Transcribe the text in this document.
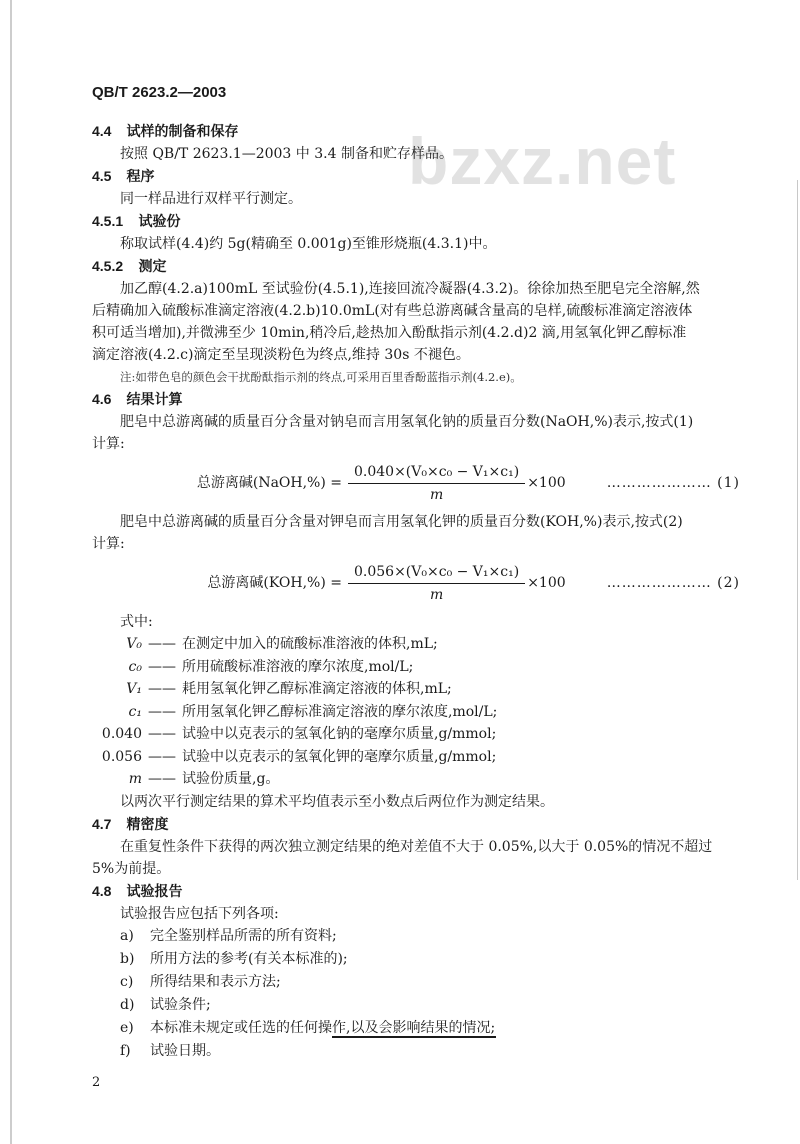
QB/T 2623.2—2003
bzxz.net
4.4 试样的制备和保存

按照 QB/T 2623.1—2003 中 3.4 制备和贮存样品。

4.5 程序

同一样品进行双样平行测定。

4.5.1 试验份

称取试样(4.4)约 5g(精确至 0.001g)至锥形烧瓶(4.3.1)中。

4.5.2 测定

加乙醇(4.2.a)100mL 至试验份(4.5.1),连接回流冷凝器(4.3.2)。徐徐加热至肥皂完全溶解,然

后精确加入硫酸标准滴定溶液(4.2.b)10.0mL(对有些总游离碱含量高的皂样,硫酸标准滴定溶液体

积可适当增加),并微沸至少 10min,稍冷后,趁热加入酚酞指示剂(4.2.d)2 滴,用氢氧化钾乙醇标准

滴定溶液(4.2.c)滴定至呈现淡粉色为终点,维持 30s 不褪色。

注:如带色皂的颜色会干扰酚酞指示剂的终点,可采用百里香酚蓝指示剂(4.2.e)。

4.6 结果计算

肥皂中总游离碱的质量百分含量对钠皂而言用氢氧化钠的质量百分数(NaOH,%)表示,按式(1)

计算:

总游离碱(NaOH,%) = $\frac{\text{0.040×(V₀×c₀ − V₁×c₁)}}{m} \times 100$	………………… (1)

肥皂中总游离碱的质量百分含量对钾皂而言用氢氧化钾的质量百分数(KOH,%)表示,按式(2)

计算:

总游离碱$(KOH,\%) = \frac{\text{0.056×(V₀×c₀ − V₁×c₁)}}{m} \times 100$	………………… (2)

式中:

V₀ —— 在测定中加入的硫酸标准溶液的体积,mL;
c₀ —— 所用硫酸标准溶液的摩尔浓度,mol/L;
V₁ —— 耗用氢氧化钾乙醇标准滴定溶液的体积,mL;
c₁ —— 所用氢氧化钾乙醇标准滴定溶液的摩尔浓度,mol/L;
0.040 —— 试验中以克表示的氢氧化钠的毫摩尔质量,g/mmol;
0.056 —— 试验中以克表示的氢氧化钾的毫摩尔质量,g/mmol;
m —— 试验份质量,g。

以两次平行测定结果的算术平均值表示至小数点后两位作为测定结果。

4.7 精密度

在重复性条件下获得的两次独立测定结果的绝对差值不大于 0.05%,以大于 0.05%的情况不超过

5%为前提。

4.8 试验报告

试验报告应包括下列各项:

a)	完全鉴别样品所需的所有资料;
b)	所用方法的参考(有关本标准的);
c)	所得结果和表示方法;
d)	试验条件;
e)	本标准未规定或任选的任何操作,以及会影响结果的情况;
f)	试验日期。
2
